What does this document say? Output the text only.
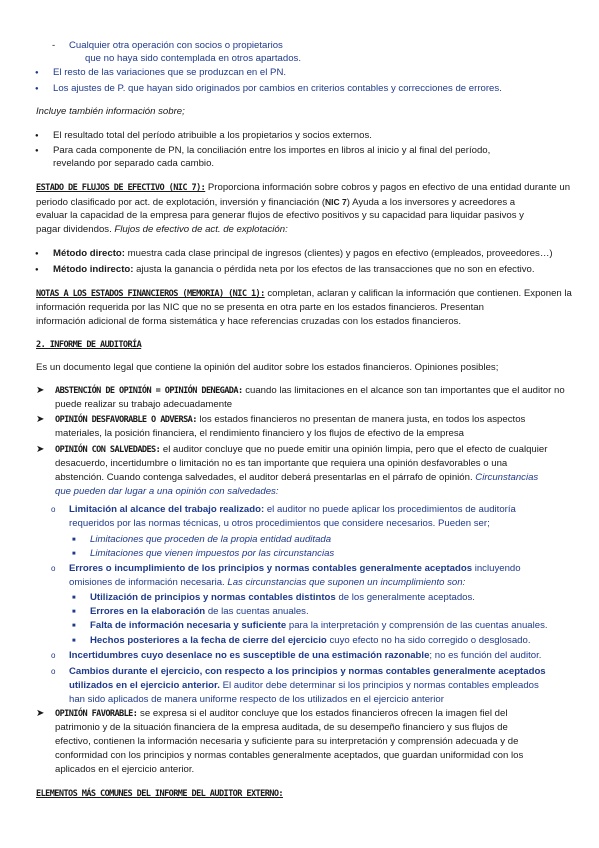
- Cualquier otra operación con socios o propietarios
que no haya sido contemplada en otros apartados.
● El resto de las variaciones que se produzcan en el PN.
● Los ajustes de P. que hayan sido originados por cambios en criterios contables y correcciones de errores.
Incluye también información sobre;
● El resultado total del período atribuible a los propietarios y socios externos.
● Para cada componente de PN, la conciliación entre los importes en libros al inicio y al final del período,
revelando por separado cada cambio.
ESTADO DE FLUJOS DE EFECTIVO (NIC 7): Proporciona información sobre cobros y pagos en efectivo de una entidad durante un
periodo clasificado por act. de explotación, inversión y financiación (NIC 7) Ayuda a los inversores y acreedores a
evaluar la capacidad de la empresa para generar flujos de efectivo positivos y su capacidad para liquidar pasivos y
pagar dividendos. Flujos de efectivo de act. de explotación:
● Método directo: muestra cada clase principal de ingresos (clientes) y pagos en efectivo (empleados, proveedores…)
● Método indirecto: ajusta la ganancia o pérdida neta por los efectos de las transacciones que no son en efectivo.
NOTAS A LOS ESTADOS FINANCIEROS (MEMORIA) (NIC 1): completan, aclaran y califican la información que contienen. Exponen la
información requerida por las NIC que no se presenta en otra parte en los estados financieros. Presentan
información adicional de forma sistemática y hace referencias cruzadas con los estados financieros.
2. INFORME DE AUDITORÍA
Es un documento legal que contiene la opinión del auditor sobre los estados financieros. Opiniones posibles;
➤ ABSTENCIÓN DE OPINIÓN = OPINIÓN DENEGADA: cuando las limitaciones en el alcance son tan importantes que el auditor no
puede realizar su trabajo adecuadamente
➤ OPINIÓN DESFAVORABLE O ADVERSA: los estados financieros no presentan de manera justa, en todos los aspectos
materiales, la posición financiera, el rendimiento financiero y los flujos de efectivo de la empresa
➤ OPINIÓN CON SALVEDADES: el auditor concluye que no puede emitir una opinión limpia, pero que el efecto de cualquier
desacuerdo, incertidumbre o limitación no es tan importante que requiera una opinión desfavorables o una
abstención. Cuando contenga salvedades, el auditor deberá presentarlas en el párrafo de opinión. Circunstancias
que pueden dar lugar a una opinión con salvedades:
o Limitación al alcance del trabajo realizado: el auditor no puede aplicar los procedimientos de auditoría
requeridos por las normas técnicas, u otros procedimientos que considere necesarios. Pueden ser;
■ Limitaciones que proceden de la propia entidad auditada
■ Limitaciones que vienen impuestos por las circunstancias
o Errores o incumplimiento de los principios y normas contables generalmente aceptados incluyendo
omisiones de información necesaria. Las circunstancias que suponen un incumplimiento son:
■ Utilización de principios y normas contables distintos de los generalmente aceptados.
■ Errores en la elaboración de las cuentas anuales.
■ Falta de información necesaria y suficiente para la interpretación y comprensión de las cuentas anuales.
■ Hechos posteriores a la fecha de cierre del ejercicio cuyo efecto no ha sido corregido o desglosado.
o Incertidumbres cuyo desenlace no es susceptible de una estimación razonable; no es función del auditor.
o Cambios durante el ejercicio, con respecto a los principios y normas contables generalmente aceptados
utilizados en el ejercicio anterior. El auditor debe determinar si los principios y normas contables empleados
han sido aplicados de manera uniforme respecto de los utilizados en el ejercicio anterior
➤ OPINIÓN FAVORABLE: se expresa si el auditor concluye que los estados financieros ofrecen la imagen fiel del
patrimonio y de la situación financiera de la empresa auditada, de su desempeño financiero y sus flujos de
efectivo, contienen la información necesaria y suficiente para su interpretación y comprensión adecuada y de
conformidad con los principios y normas contables generalmente aceptados, que guardan uniformidad con los
aplicados en el ejercicio anterior.
ELEMENTOS MÁS COMUNES DEL INFORME DEL AUDITOR EXTERNO:
